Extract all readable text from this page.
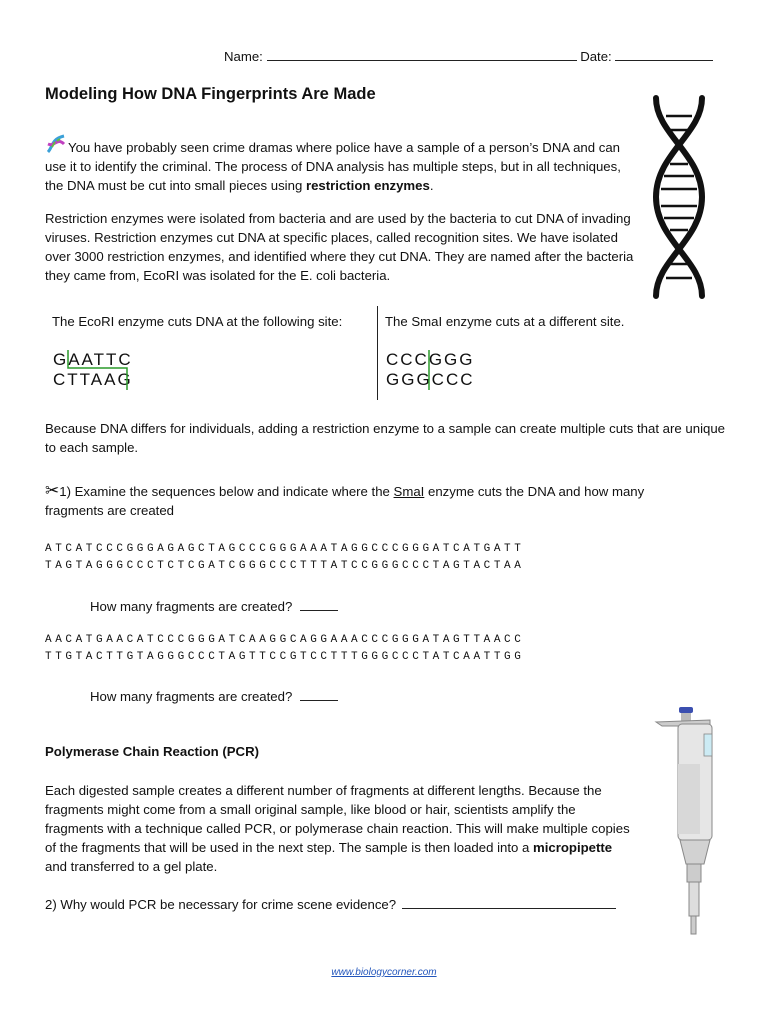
Name:	Date:
Modeling How DNA Fingerprints Are Made
You have probably seen crime dramas where police have a sample of a person’s DNA and can use it to identify the criminal. The process of DNA analysis has multiple steps, but in all techniques, the DNA must be cut into small pieces using restriction enzymes.
Restriction enzymes were isolated from bacteria and are used by the bacteria to cut DNA of invading viruses. Restriction enzymes cut DNA at specific places, called recognition sites. We have isolated over 3000 restriction enzymes, and identified where they cut DNA. They are named after the bacteria they came from, EcoRI was isolated for the E. coli bacteria.
The EcoRI enzyme cuts DNA at the following site:	The SmaI enzyme cuts at a different site.
GAATTC
CTTAAG
CCCGGG
GGGCCC
Because DNA differs for individuals, adding a restriction enzyme to a sample can create multiple cuts that are unique to each sample.
✂1) Examine the sequences below and indicate where the SmaI enzyme cuts the DNA and how many fragments are created
ATCATCCCGGGAGAGCTAGCCCGGGAAATAGGCCCGGGATCATGATT
TAGTAGGGCCCTCTCGATCGGGCCCTTTATCCGGGCCCTAGTACTAA
How many fragments are created?
AACATGAACATCCCGGGATCAAGGCAGGAAACCCGGGATAGTTAACC
TTGTACTTGTAGGGCCCTAGTTCCGTCCTTTGGGCCCTATCAATTGG
How many fragments are created?
Polymerase Chain Reaction (PCR)
Each digested sample creates a different number of fragments at different lengths. Because the fragments might come from a small original sample, like blood or hair, scientists amplify the fragments with a technique called PCR, or polymerase chain reaction. This will make multiple copies of the fragments that will be used in the next step. The sample is then loaded into a micropipette and transferred to a gel plate.
2) Why would PCR be necessary for crime scene evidence?
www.biologycorner.com
